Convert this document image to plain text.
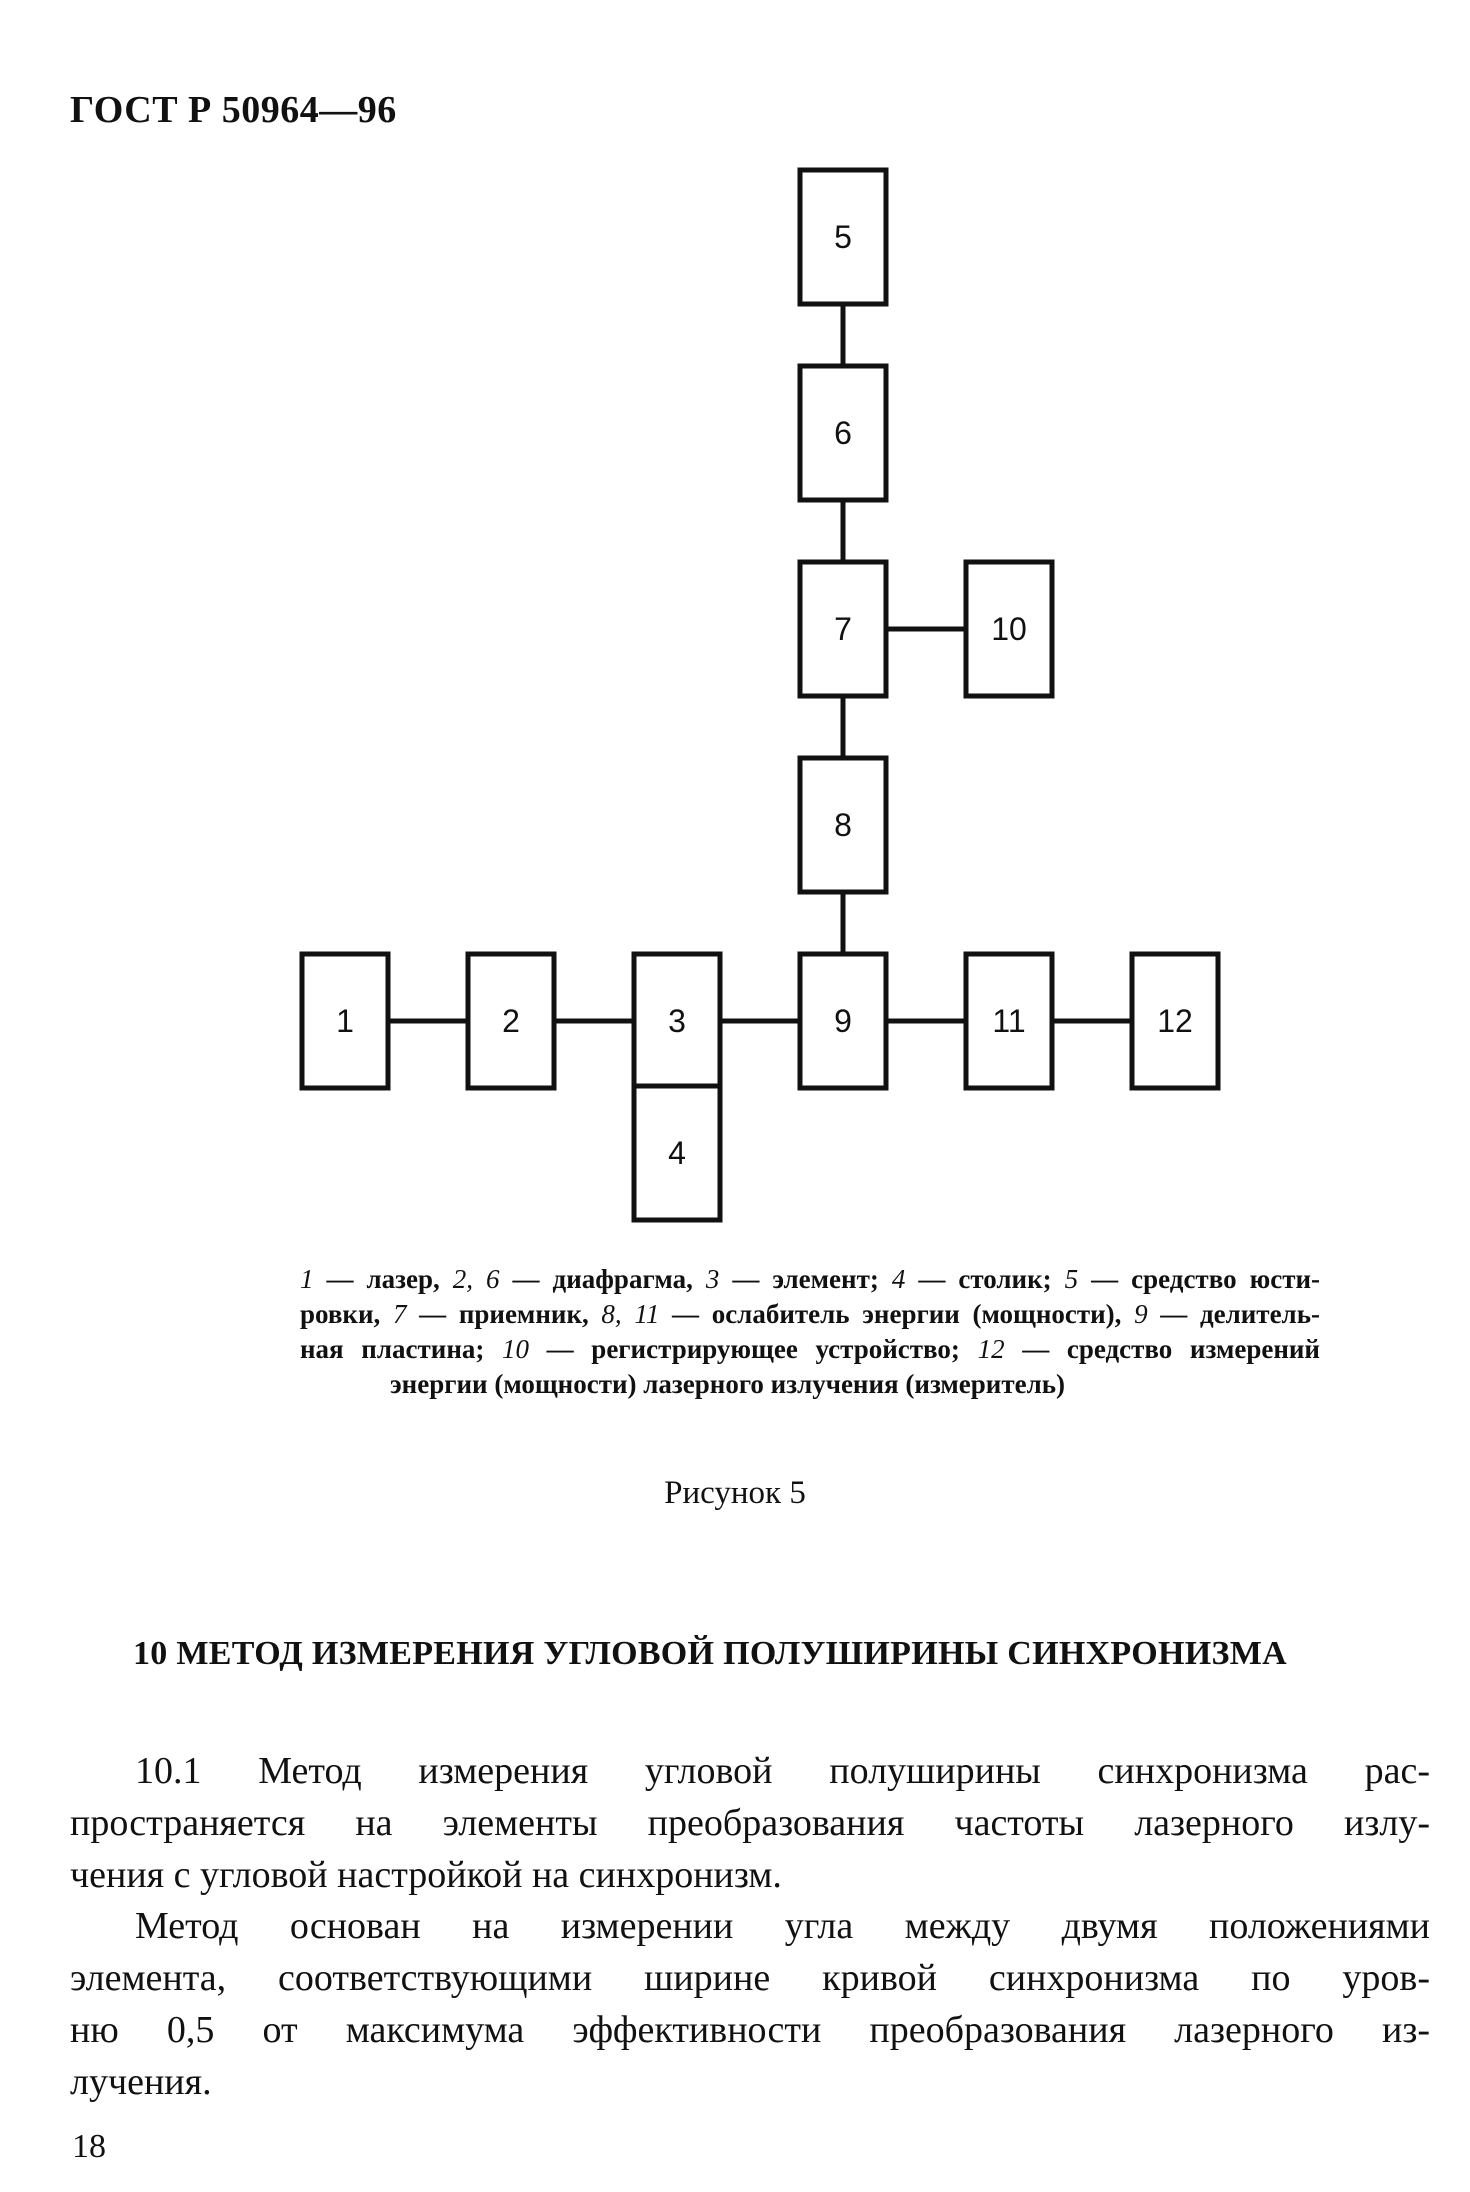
ГОСТ Р 50964—96
5
6
7	10
8
1	2	3	9	11	12
4
1 — лазер, 2, 6 — диафрагма, 3 — элемент; 4 — столик; 5 — средство юсти-
ровки, 7 — приемник, 8, 11 — ослабитель энергии (мощности), 9 — делитель-
ная пластина; 10 — регистрирующее устройство; 12 — средство измерений
энергии (мощности) лазерного излучения (измеритель)
Рисунок 5
10 МЕТОД ИЗМЕРЕНИЯ УГЛОВОЙ ПОЛУШИРИНЫ СИНХРОНИЗМА
10.1 Метод измерения угловой полуширины синхронизма рас-
пространяется на элементы преобразования частоты лазерного излу-
чения с угловой настройкой на синхронизм.
Метод основан на измерении угла между двумя положениями
элемента, соответствующими ширине кривой синхронизма по уров-
ню 0,5 от максимума эффективности преобразования лазерного из-
лучения.
18
